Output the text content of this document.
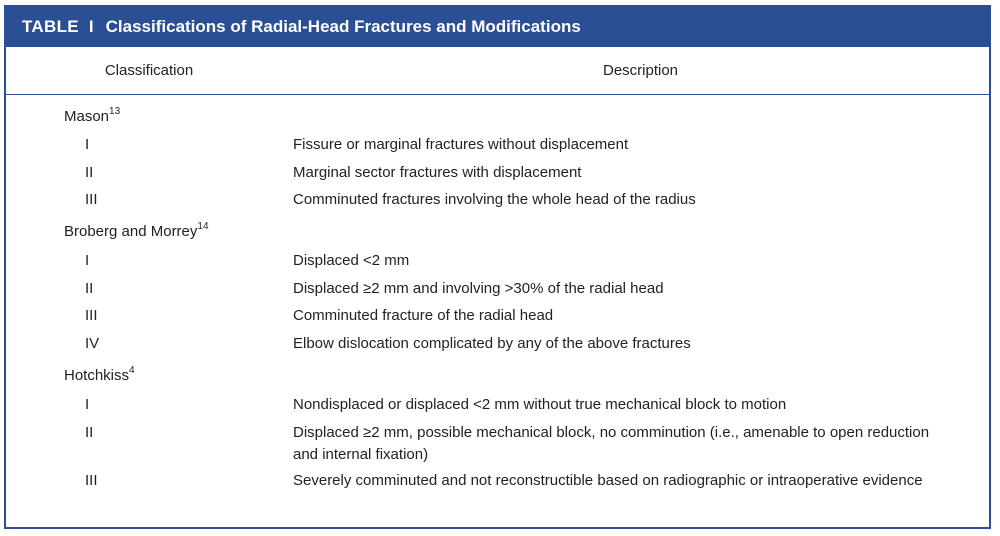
TABLE I Classifications of Radial-Head Fractures and Modifications
Classification	Description
Mason$^{13}$
I	Fissure or marginal fractures without displacement
II	Marginal sector fractures with displacement
III	Comminuted fractures involving the whole head of the radius
Broberg and Morrey$^{14}$
I	Displaced <2 mm
II	Displaced ≥2 mm and involving >30% of the radial head
III	Comminuted fracture of the radial head
IV	Elbow dislocation complicated by any of the above fractures
Hotchkiss$^4$
I	Nondisplaced or displaced <2 mm without true mechanical block to motion
II	Displaced ≥2 mm, possible mechanical block, no comminution (i.e., amenable to open reduction and internal fixation)
III	Severely comminuted and not reconstructible based on radiographic or intraoperative evidence
